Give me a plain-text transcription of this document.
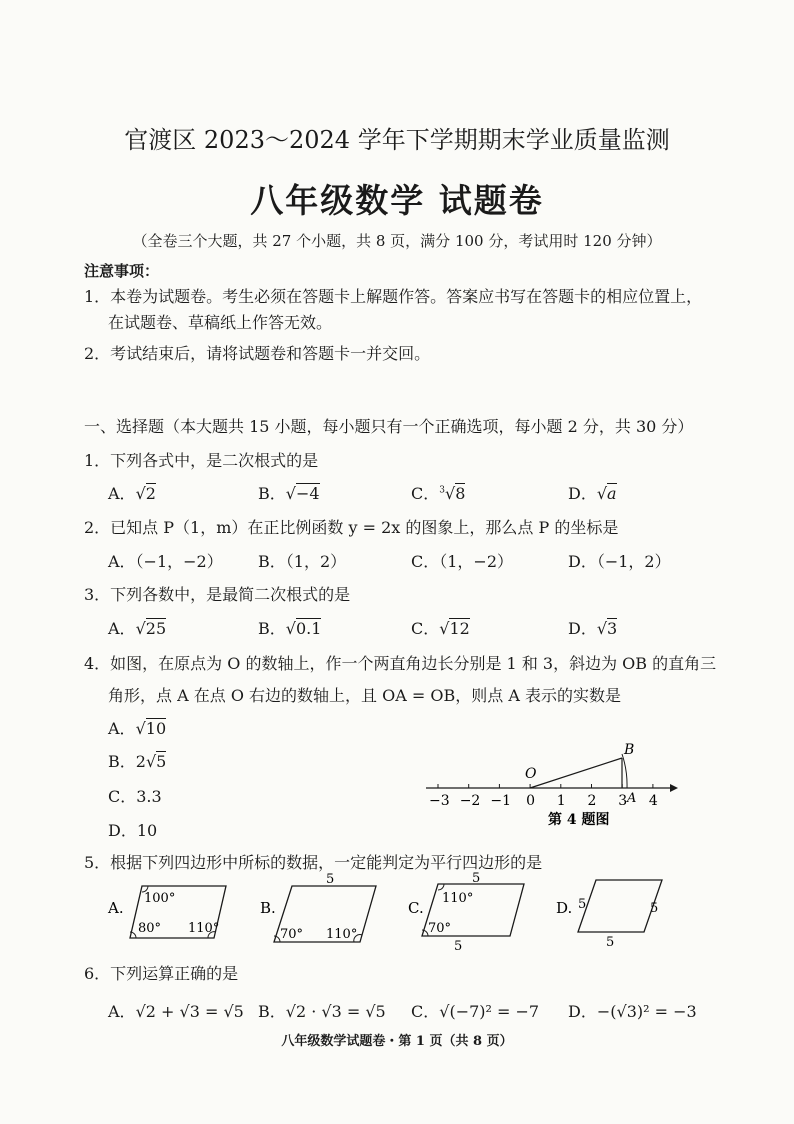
官渡区 2023～2024 学年下学期期末学业质量监测
八年级数学 试题卷
（全卷三个大题，共 27 个小题，共 8 页，满分 100 分，考试用时 120 分钟）
注意事项：
1．本卷为试题卷。考生必须在答题卡上解题作答。答案应书写在答题卡的相应位置上，
在试题卷、草稿纸上作答无效。
2．考试结束后，请将试题卷和答题卡一并交回。
一、选择题（本大题共 15 小题，每小题只有一个正确选项，每小题 2 分，共 30 分）
1．下列各式中，是二次根式的是
A．√2	B．√−4	C．$^3$√8	D．√a
2．已知点 P（1，m）在正比例函数 y = 2x 的图象上，那么点 P 的坐标是
A．（−1，−2） B．（1，2）	C．（1，−2）	D．（−1，2）
3．下列各数中，是最简二次根式的是
A．√25	B．√0.1	C．√12	D．√3
4．如图，在原点为 O 的数轴上，作一个两直角边长分别是 1 和 3，斜边为 OB 的直角三
角形，点 A 在点 O 右边的数轴上，且 OA = OB，则点 A 表示的实数是
A．√10
B．2√5
C．3.3
D．10
O
B
A
第 4 题图
−3 −2 −1 0 1 2 3 4
5．根据下列四边形中所标的数据，一定能判定为平行四边形的是
A.
100°
80° 110°
B.
5
70° 110°
C.
5
110°
70°
5
D. 5	5
5
6．下列运算正确的是
A．√2 + √3 = √5 B．√2 · √3 = √5 C．√(−7)² = −7 D．−(√3)² = −3
八年级数学试题卷・第 1 页（共 8 页）
